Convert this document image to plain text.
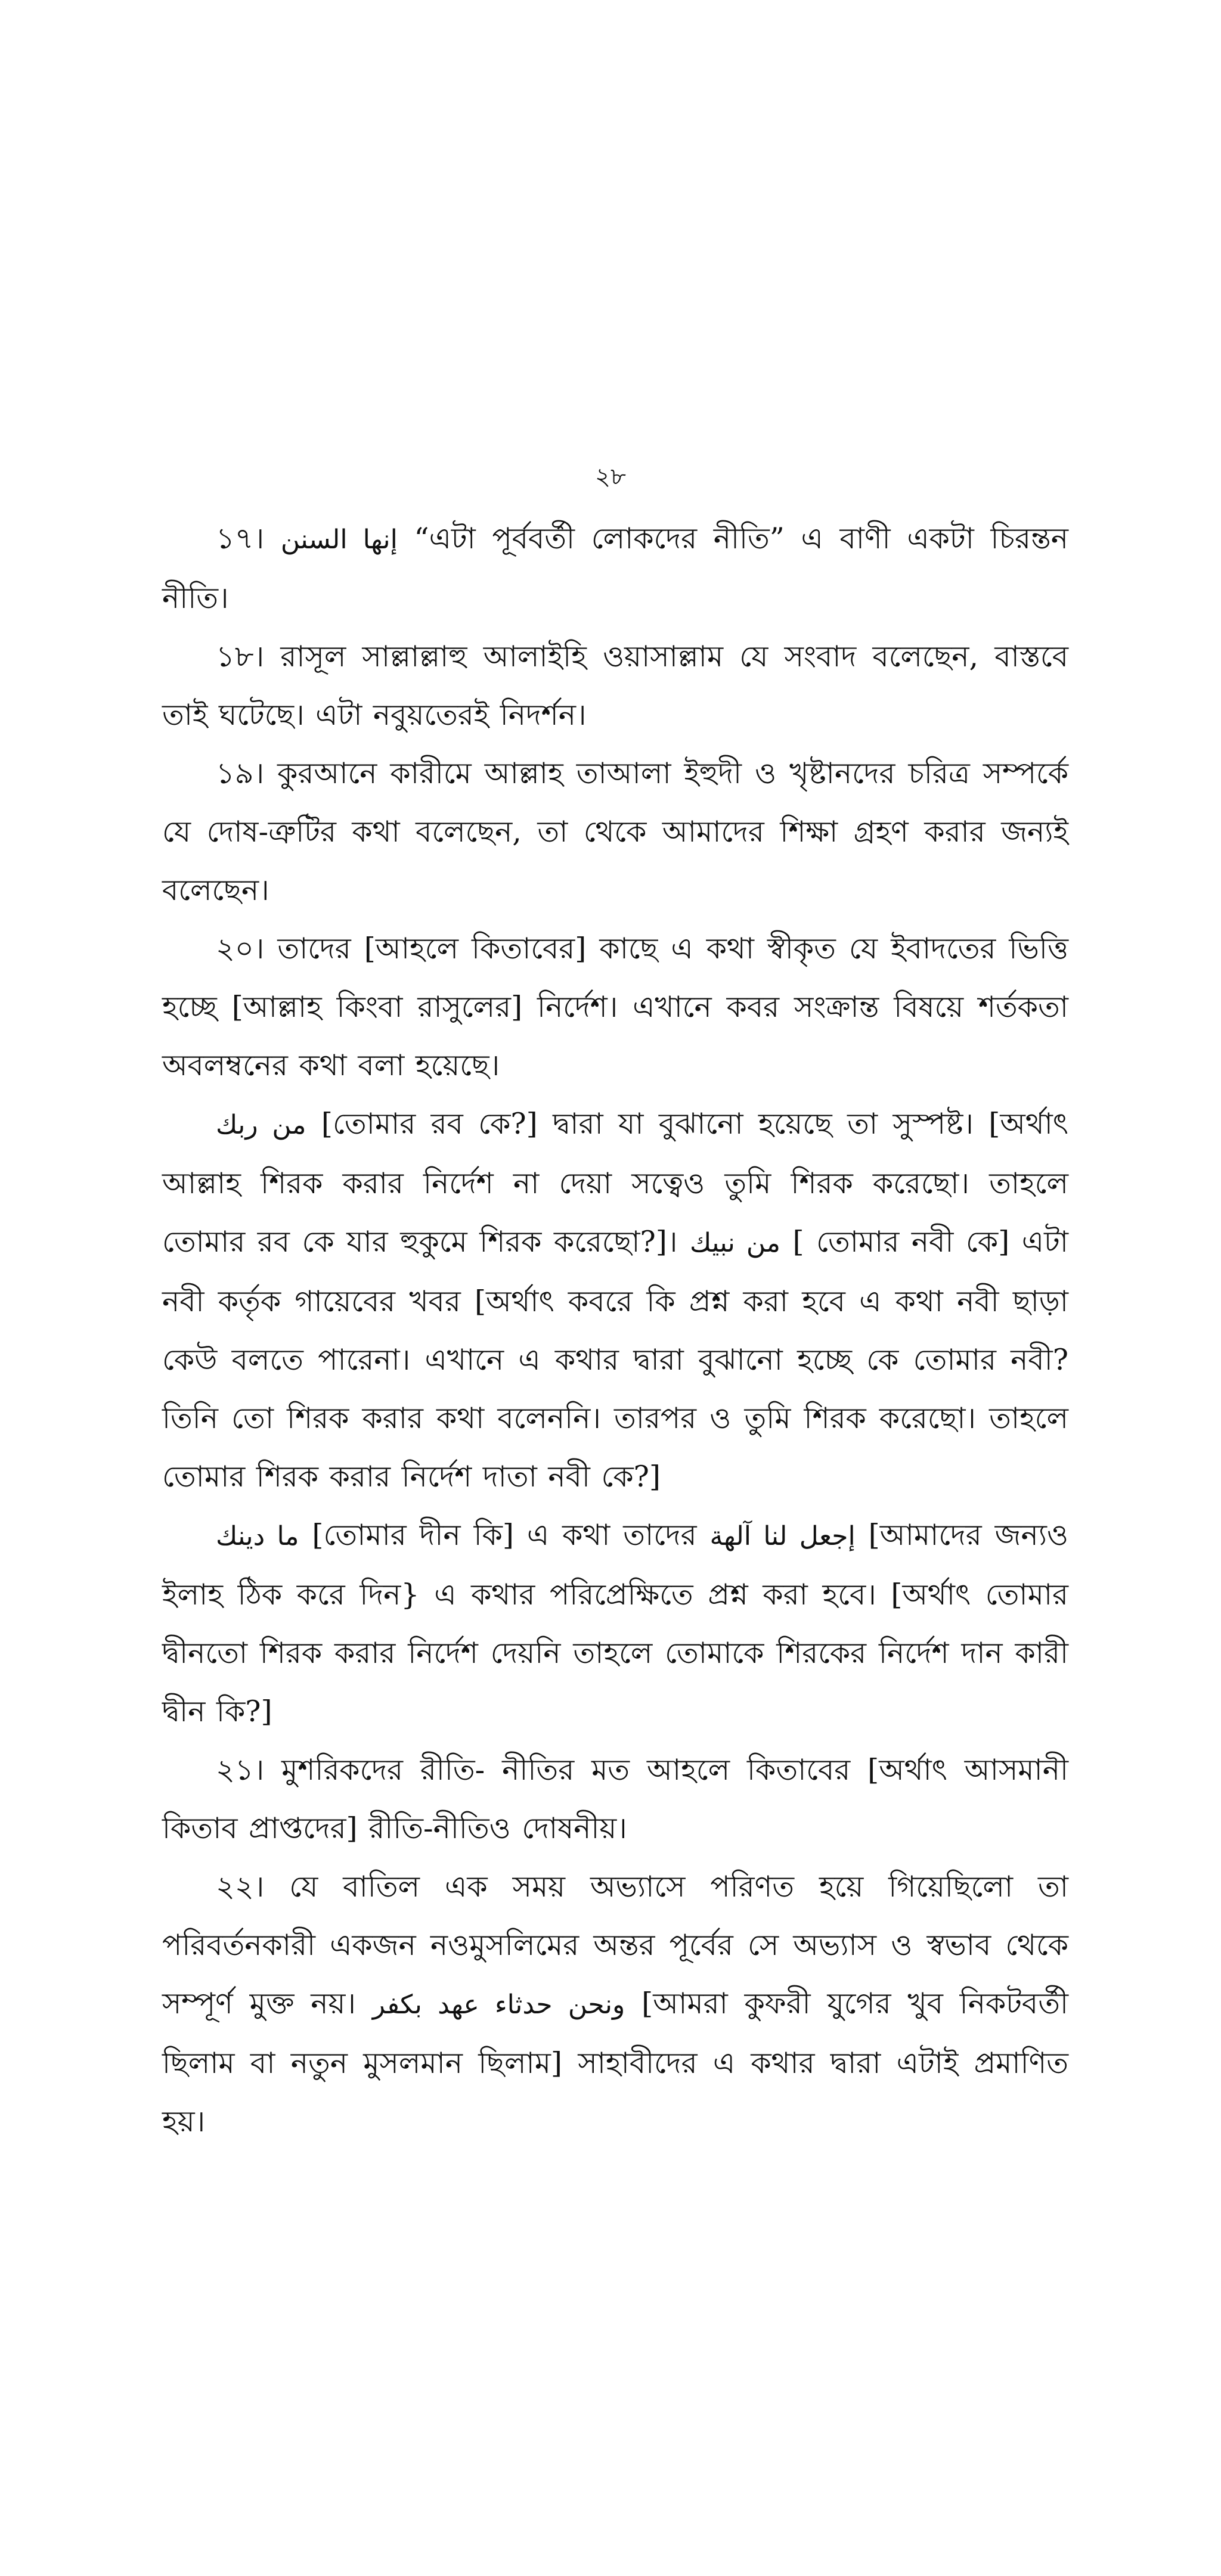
২৮

১৭। إنها السنن “এটা পূর্ববর্তী লোকদের নীতি” এ বাণী একটা চিরন্তন নীতি।

১৮। রাসূল সাল্লাল্লাহু আলাইহি ওয়াসাল্লাম যে সংবাদ বলেছেন, বাস্তবে তাই ঘটেছে। এটা নবুয়তেরই নিদর্শন।

১৯। কুরআনে কারীমে আল্লাহ তাআলা ইহুদী ও খৃষ্টানদের চরিত্র সম্পর্কে যে দোষ-ত্রুটির কথা বলেছেন, তা থেকে আমাদের শিক্ষা গ্রহণ করার জন্যই বলেছেন।

২০। তাদের [আহলে কিতাবের] কাছে এ কথা স্বীকৃত যে ইবাদতের ভিত্তি হচ্ছে [আল্লাহ কিংবা রাসুলের] নির্দেশ। এখানে কবর সংক্রান্ত বিষয়ে শর্তকতা অবলম্বনের কথা বলা হয়েছে।

من ربك [তোমার রব কে?] দ্বারা যা বুঝানো হয়েছে তা সুস্পষ্ট। [অর্থাৎ আল্লাহ শিরক করার নির্দেশ না দেয়া সত্বেও তুমি শিরক করেছো। তাহলে তোমার রব কে যার হুকুমে শিরক করেছো?]। من نبيك [ তোমার নবী কে] এটা নবী কর্তৃক গায়েবের খবর [অর্থাৎ কবরে কি প্রশ্ন করা হবে এ কথা নবী ছাড়া কেউ বলতে পারেনা। এখানে এ কথার দ্বারা বুঝানো হচ্ছে কে তোমার নবী? তিনি তো শিরক করার কথা বলেননি। তারপর ও তুমি শিরক করেছো। তাহলে তোমার শিরক করার নির্দেশ দাতা নবী কে?]

ما دينك [তোমার দীন কি] এ কথা তাদের إجعل لنا آلهة [আমাদের জন্যও ইলাহ ঠিক করে দিন} এ কথার পরিপ্রেক্ষিতে প্রশ্ন করা হবে। [অর্থাৎ তোমার দ্বীনতো শিরক করার নির্দেশ দেয়নি তাহলে তোমাকে শিরকের নির্দেশ দান কারী দ্বীন কি?]

২১। মুশরিকদের রীতি- নীতির মত আহলে কিতাবের [অর্থাৎ আসমানী কিতাব প্রাপ্তদের] রীতি-নীতিও দোষনীয়।

২২। যে বাতিল এক সময় অভ্যাসে পরিণত হয়ে গিয়েছিলো তা পরিবর্তনকারী একজন নওমুসলিমের অন্তর পূর্বের সে অভ্যাস ও স্বভাব থেকে সম্পূর্ণ মুক্ত নয়। ونحن حدثاء عهد بكفر [আমরা কুফরী যুগের খুব নিকটবর্তী ছিলাম বা নতুন মুসলমান ছিলাম] সাহাবীদের এ কথার দ্বারা এটাই প্রমাণিত হয়।
